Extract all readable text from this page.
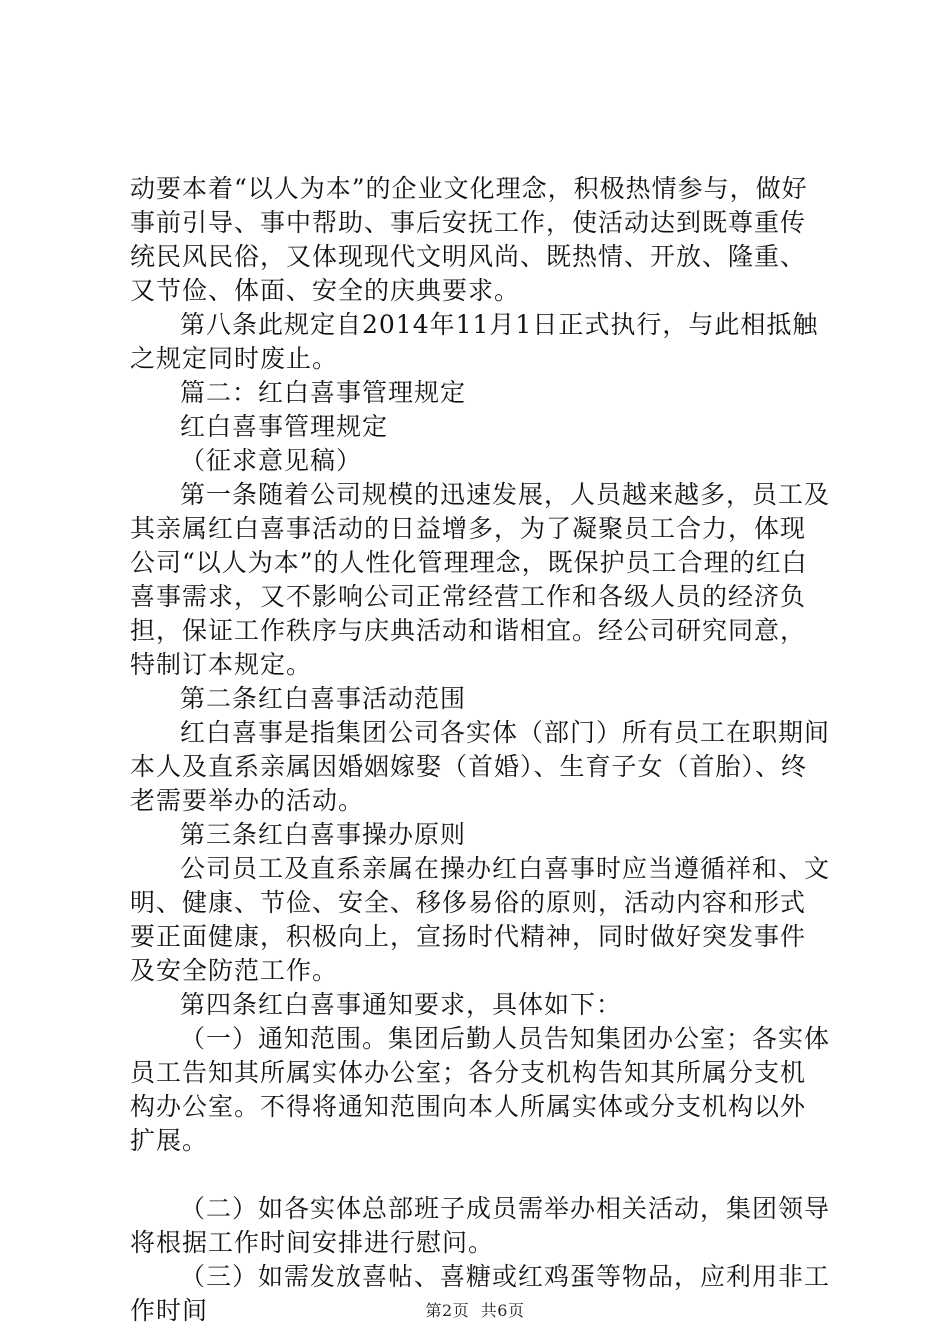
动要本着“以人为本”的企业文化理念，积极热情参与，做好事前引导、事中帮助、事后安抚工作，使活动达到既尊重传统民风民俗，又体现现代文明风尚、既热情、开放、隆重、又节俭、体面、安全的庆典要求。

第八条此规定自2014年11月1日正式执行，与此相抵触之规定同时废止。

篇二：红白喜事管理规定

红白喜事管理规定

（征求意见稿）

第一条随着公司规模的迅速发展，人员越来越多，员工及其亲属红白喜事活动的日益增多，为了凝聚员工合力，体现公司“以人为本”的人性化管理理念，既保护员工合理的红白喜事需求，又不影响公司正常经营工作和各级人员的经济负担，保证工作秩序与庆典活动和谐相宜。经公司研究同意，特制订本规定。

第二条红白喜事活动范围

红白喜事是指集团公司各实体（部门）所有员工在职期间本人及直系亲属因婚姻嫁娶（首婚）、生育子女（首胎）、终老需要举办的活动。

第三条红白喜事操办原则

公司员工及直系亲属在操办红白喜事时应当遵循祥和、文明、健康、节俭、安全、移侈易俗的原则，活动内容和形式要正面健康，积极向上，宣扬时代精神，同时做好突发事件及安全防范工作。

第四条红白喜事通知要求，具体如下：

（一）通知范围。集团后勤人员告知集团办公室；各实体员工告知其所属实体办公室；各分支机构告知其所属分支机构办公室。不得将通知范围向本人所属实体或分支机构以外扩展。

（二）如各实体总部班子成员需举办相关活动，集团领导将根据工作时间安排进行慰问。

（三）如需发放喜帖、喜糖或红鸡蛋等物品，应利用非工作时间	第2页 共6页
